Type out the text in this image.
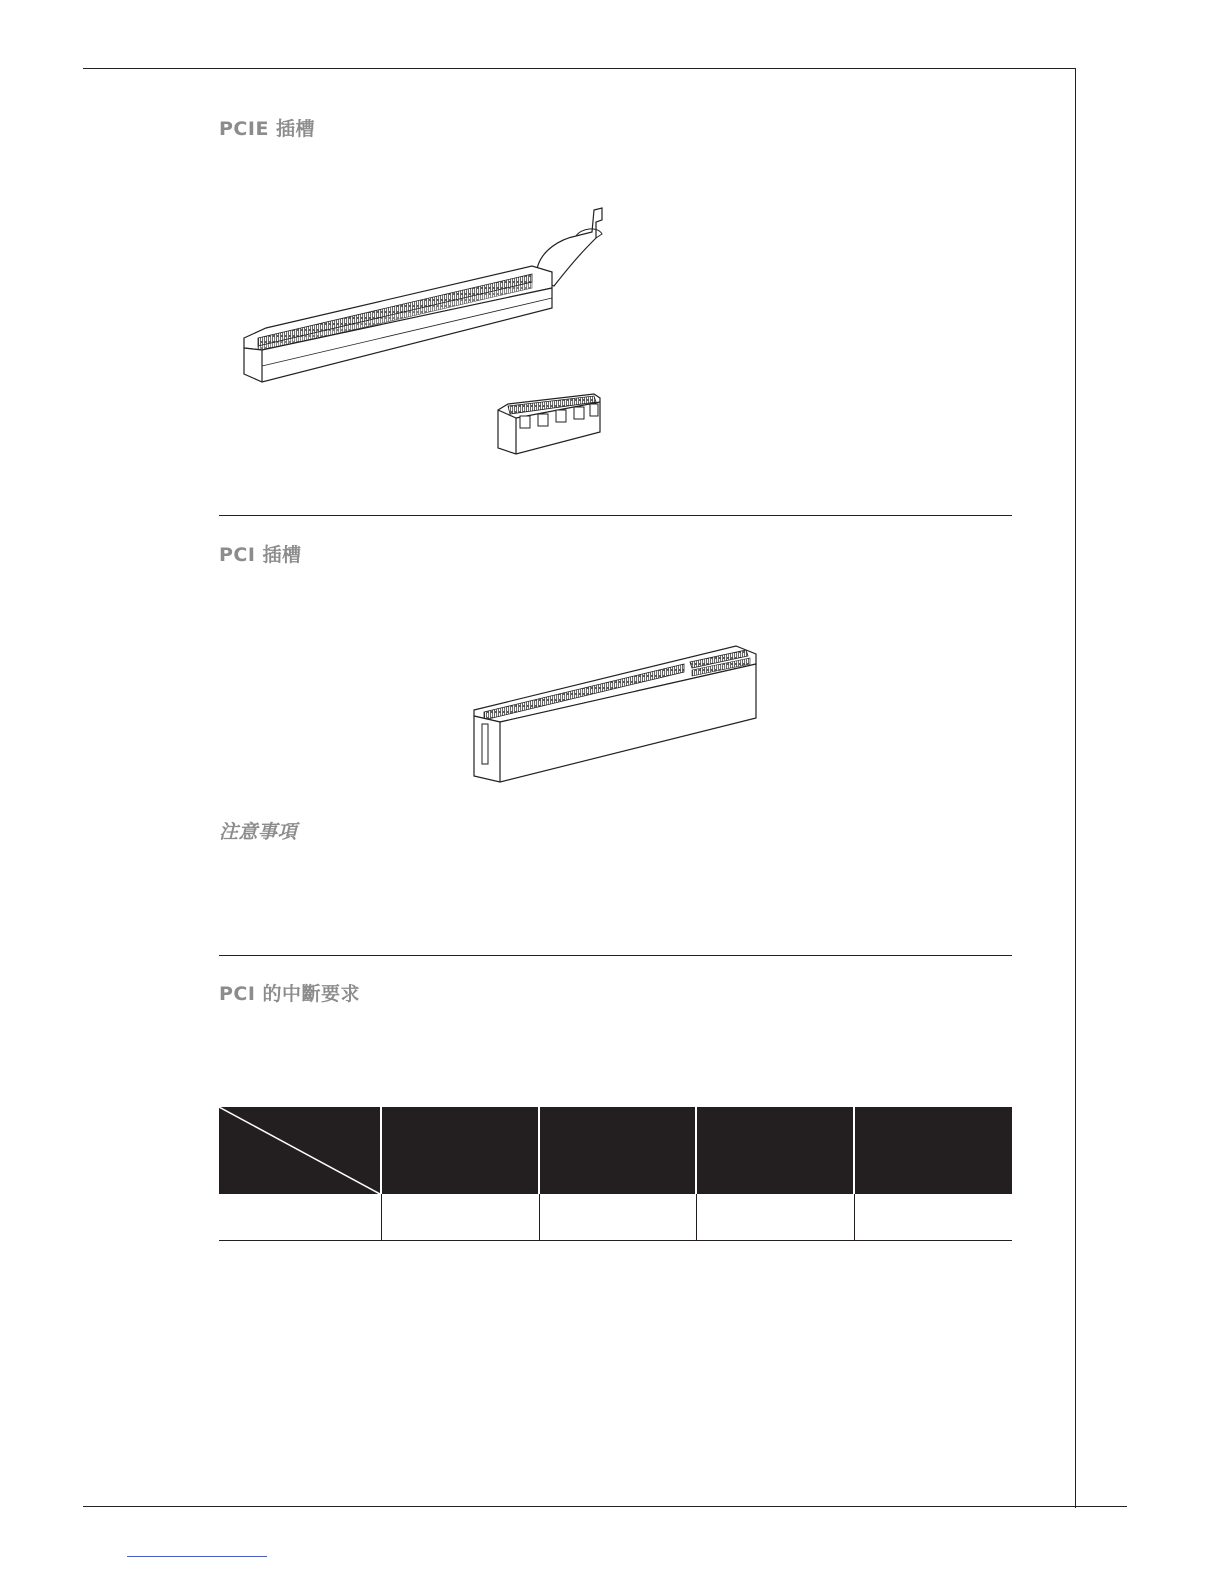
PCIE 插槽
PCI 插槽
注意事項
PCI 的中斷要求
